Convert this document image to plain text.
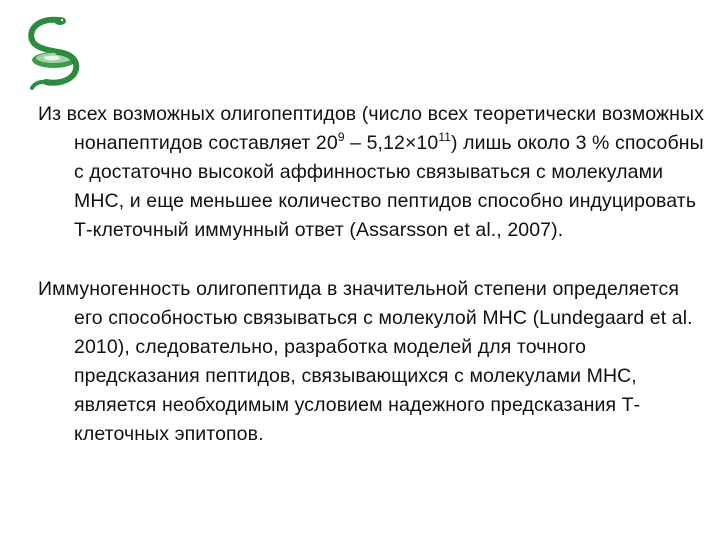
Из всех возможных олигопептидов (число всех теоретически возможных нонапептидов составляет $20^9 - 5,12\times 10^{11}$) лишь около 3 % способны с достаточно высокой аффинностью связываться с молекулами MHC, и еще меньшее количество пептидов способно индуцировать Т-клеточный иммунный ответ (Assarsson et al., 2007).

Иммуногенность олигопептида в значительной степени определяется его способностью связываться с молекулой MHC (Lundegaard et al. 2010), следовательно, разработка моделей для точного предсказания пептидов, связывающихся с молекулами MHC, является необходимым условием надежного предсказания Т-клеточных эпитопов.
